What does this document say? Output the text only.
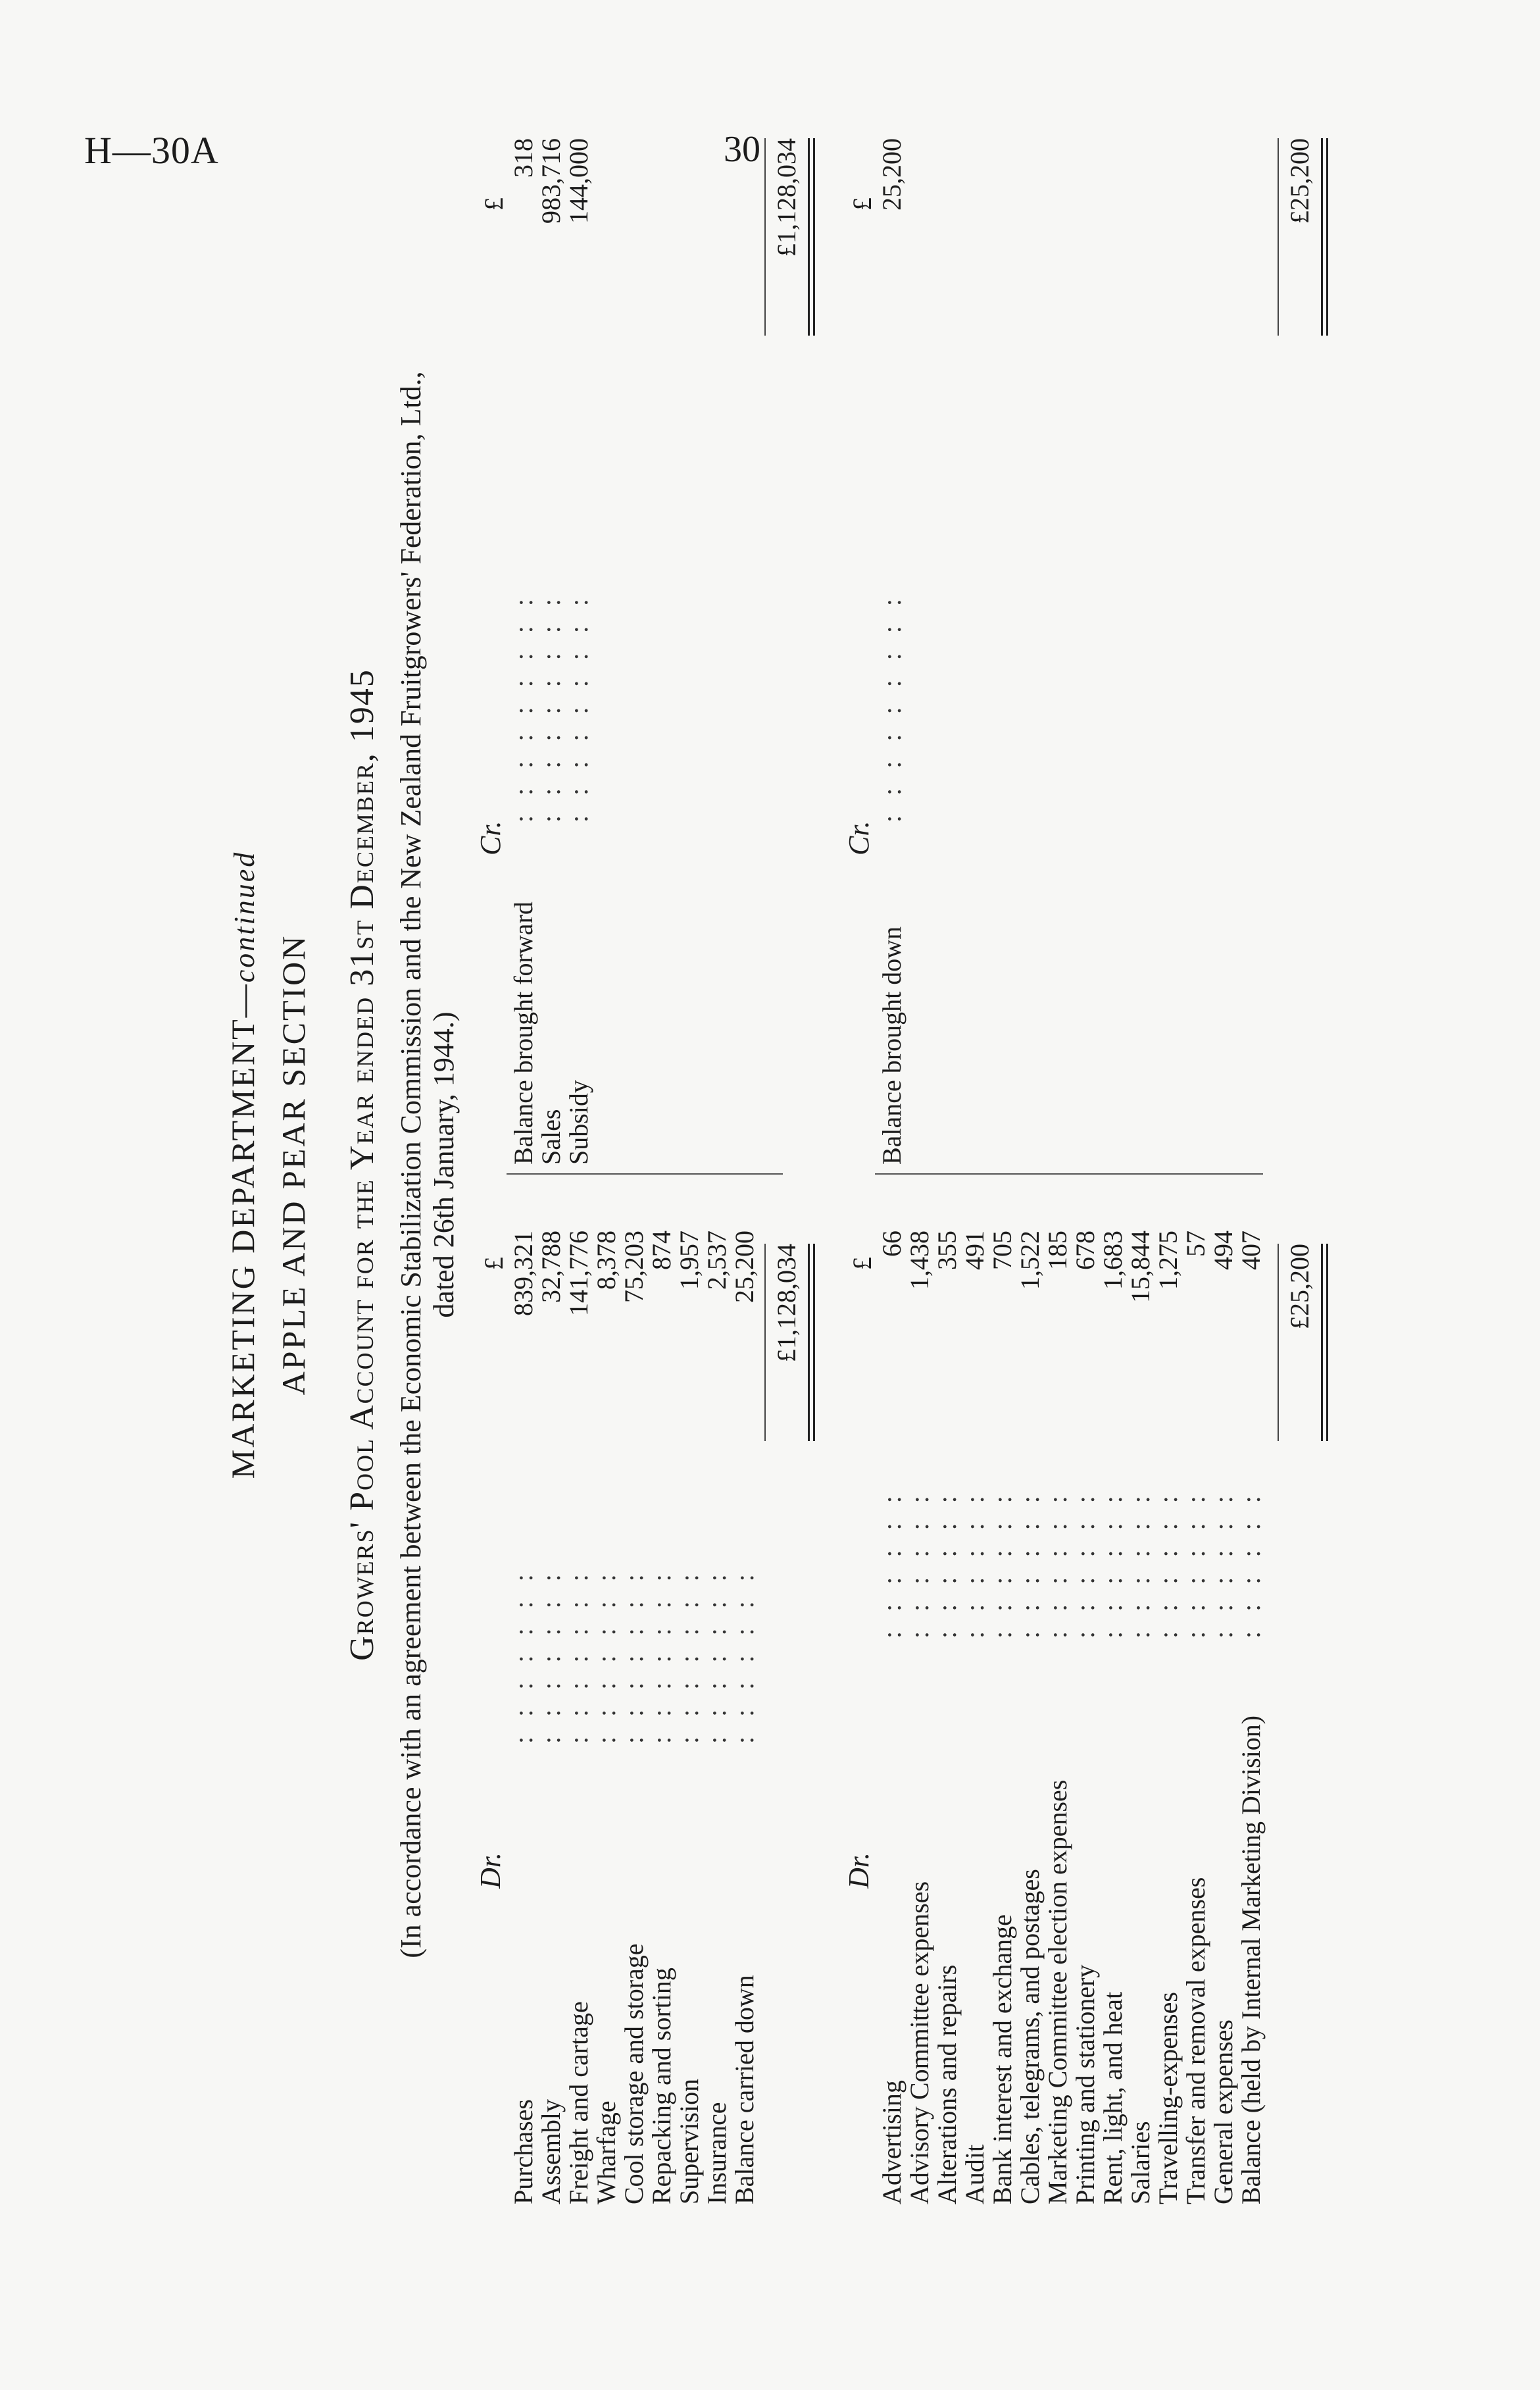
H—30A	30
MARKETING DEPARTMENT—continued
APPLE AND PEAR SECTION Growers' Pool Account for the Year ended 31st December, 1945 (In accordance with an agreement between the Economic Stabilization Commission and the New Zealand Fruitgrowers' Federation, Ltd., dated 26th January, 1944.)
Dr.
£
Cr.
£
Purchases
:::::::
839,321
Assembly
:::::::
32,788
Freight and cartage
:::::::
141,776
Wharfage
:::::::
8,378
Cool storage and storage
:::::::
75,203
Repacking and sorting
:::::::
874
Supervision
:::::::
1,957
Insurance
:::::::
2,537
Balance carried down
:::::::
25,200
Balance brought forward
:::::::::
318
Sales
:::::::::
983,716
Subsidy
:::::::::
144,000
£1,128,034
£1,128,034
Dr.
£
Cr.
£
Advertising
::::::
66
Advisory Committee expenses
::::::
1,438
Alterations and repairs
::::::
355
Audit
::::::
491
Bank interest and exchange
::::::
705
Cables, telegrams, and postages
::::::
1,522
Marketing Committee election expenses
::::::
185
Printing and stationery
::::::
678
Rent, light, and heat
::::::
1,683
Salaries
::::::
15,844
Travelling-expenses
::::::
1,275
Transfer and removal expenses
::::::
57
General expenses
::::::
494
Balance (held by Internal Marketing Division)
::::::
407
Balance brought down
:::::::::
25,200
£25,200
£25,200
